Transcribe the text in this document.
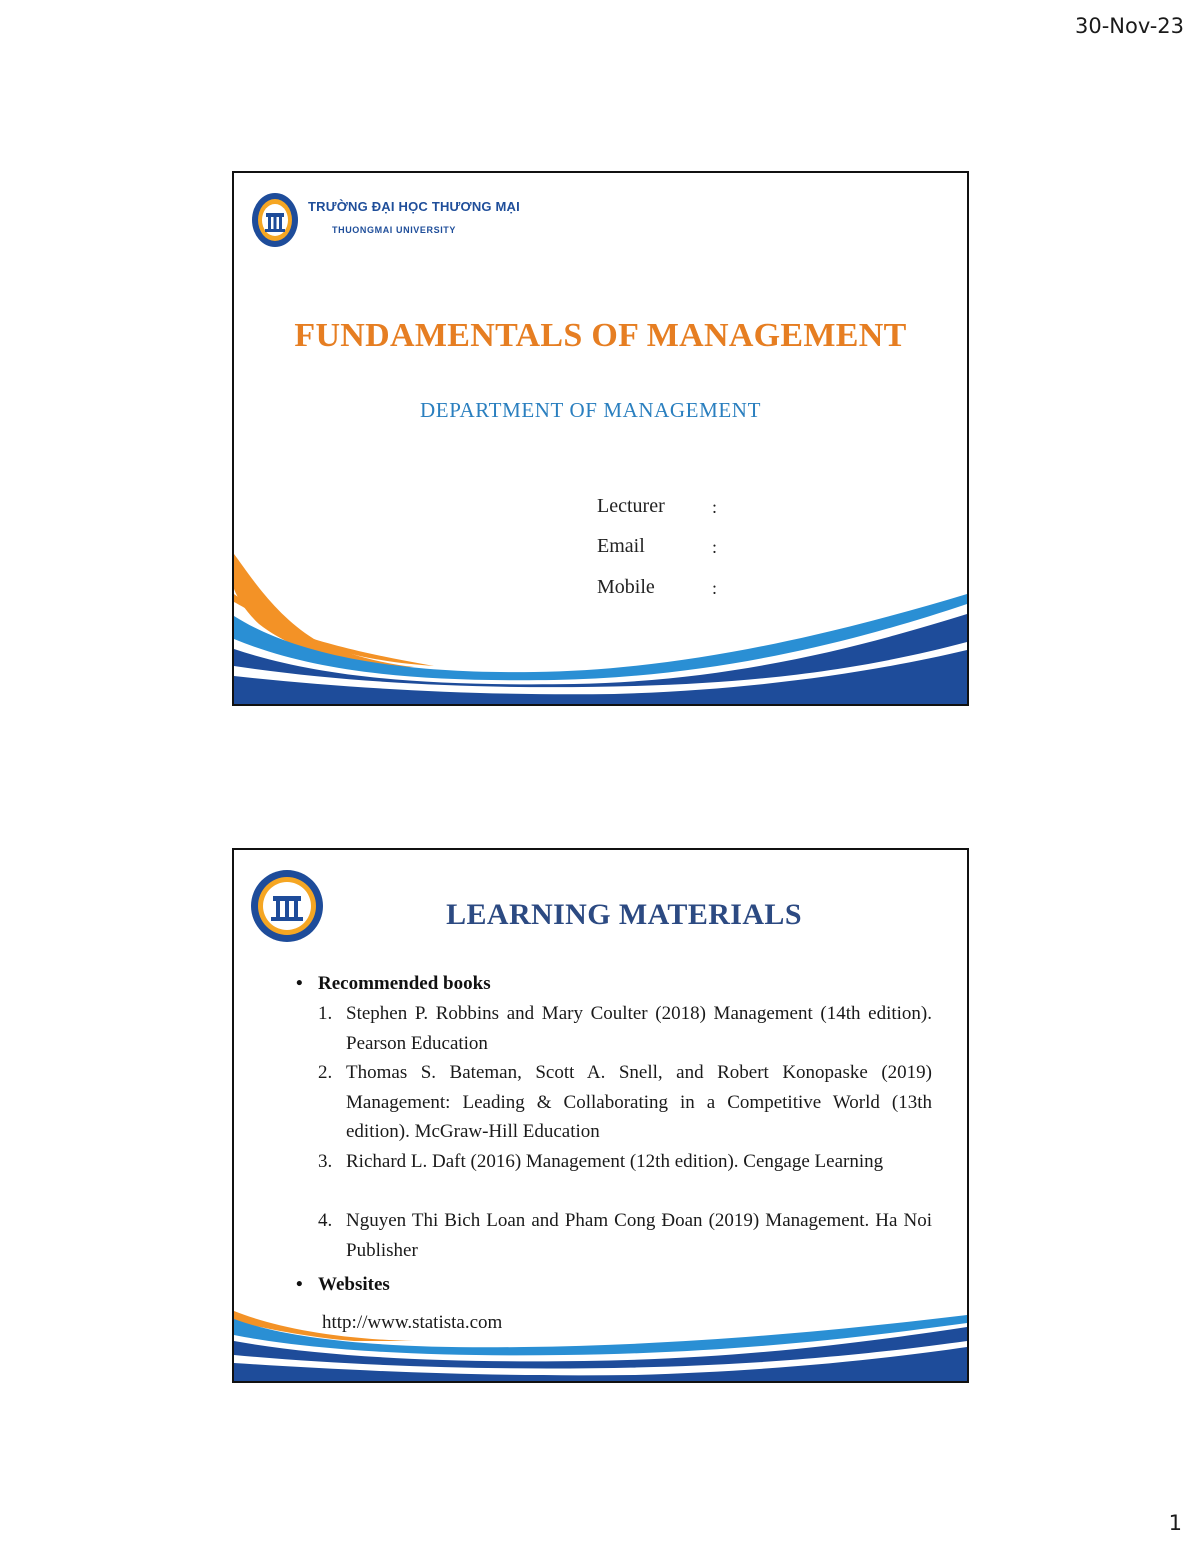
30-Nov-23
TRƯỜNG ĐẠI HỌC THƯƠNG MẠI
THUONGMAI UNIVERSITY
FUNDAMENTALS OF MANAGEMENT
DEPARTMENT OF MANAGEMENT
Lecturer	:
Email	:
Mobile	:
LEARNING MATERIALS
• Recommended books
1. Stephen P. Robbins and Mary Coulter (2018) Management (14th edition). Pearson Education
2. Thomas S. Bateman, Scott A. Snell, and Robert Konopaske (2019) Management: Leading & Collaborating in a Competitive World (13th edition). McGraw-Hill Education
3. Richard L. Daft (2016) Management (12th edition). Cengage Learning
4. Nguyen Thi Bich Loan and Pham Cong Đoan (2019) Management. Ha Noi Publisher
• Websites
http://www.statista.com
1
